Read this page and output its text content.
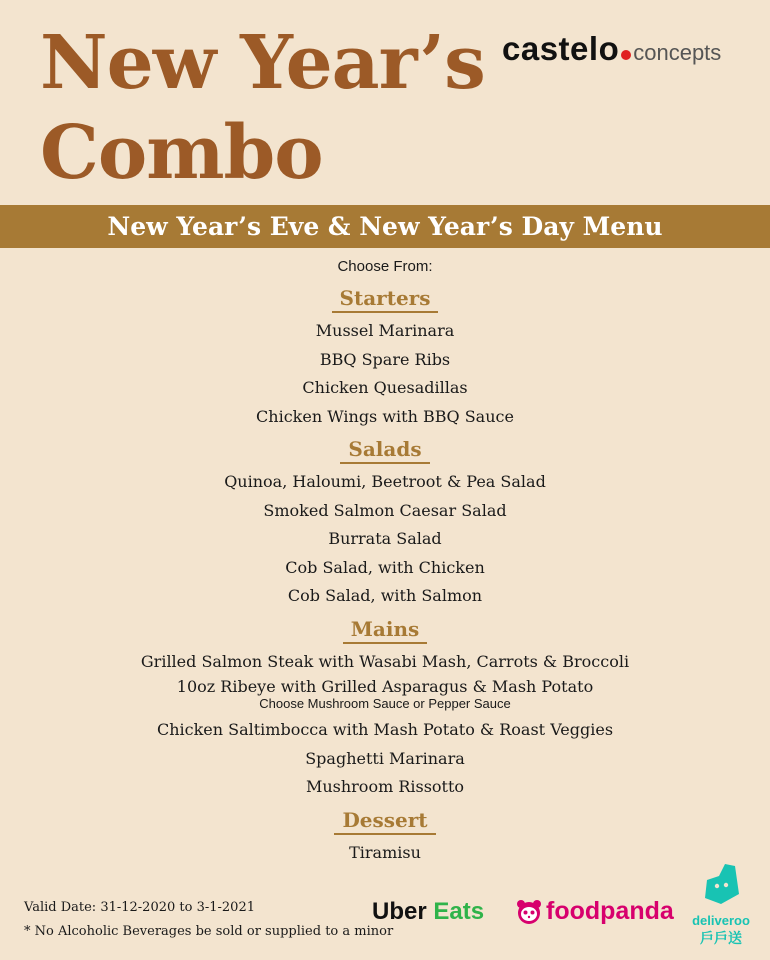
New Year’s
Combo
castelo concepts
New Year’s Eve & New Year’s Day Menu
Choose From:
Starters
Mussel Marinara
BBQ Spare Ribs
Chicken Quesadillas
Chicken Wings with BBQ Sauce
Salads
Quinoa, Haloumi, Beetroot & Pea Salad
Smoked Salmon Caesar Salad
Burrata Salad
Cob Salad, with Chicken
Cob Salad, with Salmon
Mains
Grilled Salmon Steak with Wasabi Mash, Carrots & Broccoli
10oz Ribeye with Grilled Asparagus & Mash Potato
Choose Mushroom Sauce or Pepper Sauce
Chicken Saltimbocca with Mash Potato & Roast Veggies
Spaghetti Marinara
Mushroom Rissotto
Dessert
Tiramisu
Valid Date: 31-12-2020 to 3-1-2021
* No Alcoholic Beverages be sold or supplied to a minor
Uber Eats foodpanda	deliveroo
戶戶送
